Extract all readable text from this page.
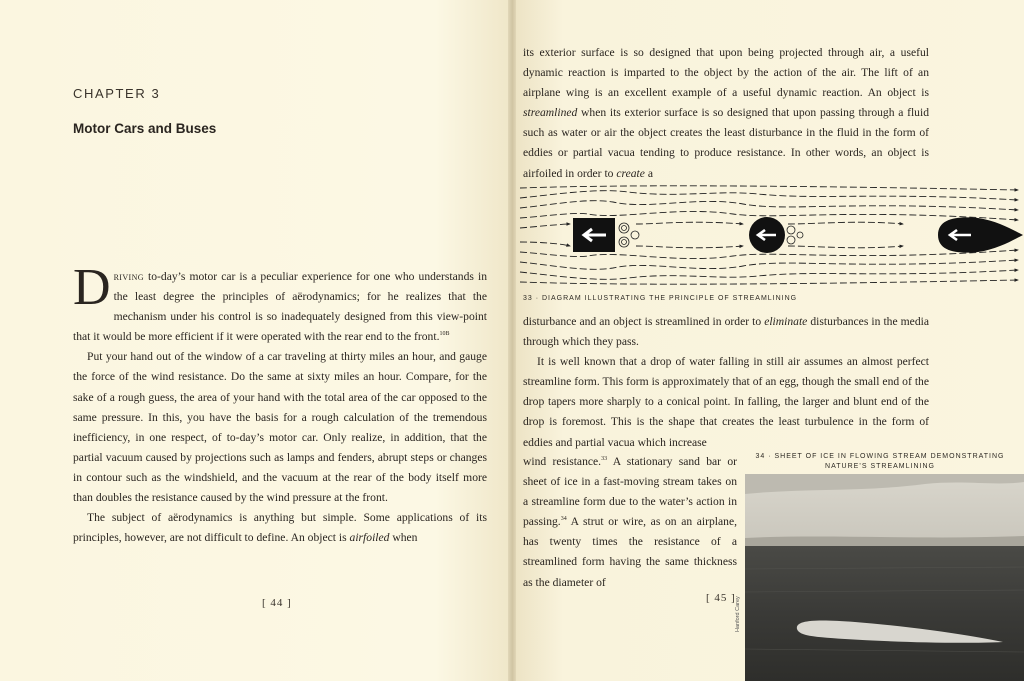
CHAPTER 3
Motor Cars and Buses

Driving to-day’s motor car is a peculiar experience for one who understands in the least degree the principles of aërodynamics; for he realizes that the mechanism under his control is so inadequately designed from this view-point that it would be more efficient if it were operated with the rear end to the front.$^{10B}$

Put your hand out of the window of a car traveling at thirty miles an hour, and gauge the force of the wind resistance. Do the same at sixty miles an hour. Compare, for the sake of a rough guess, the area of your hand with the total area of the car opposed to the same pressure. In this, you have the basis for a rough calculation of the tremendous inefficiency, in one respect, of to-day’s motor car. Only realize, in addition, that the partial vacuum caused by projections such as lamps and fenders, abrupt steps or changes in contour such as the windshield, and the vacuum at the rear of the body itself more than doubles the resistance caused by the wind pressure at the front.

The subject of aërodynamics is anything but simple. Some applications of its principles, however, are not difficult to define. An object is airfoiled when

[ 44 ]

its exterior surface is so designed that upon being projected through air, a useful dynamic reaction is imparted to the object by the action of the air. The lift of an airplane wing is an excellent example of a useful dynamic reaction. An object is streamlined when its exterior surface is so designed that upon passing through a fluid such as water or air the object creates the least disturbance in the fluid in the form of eddies or partial vacua tending to produce resistance. In other words, an object is airfoiled in order to create a

33 · DIAGRAM ILLUSTRATING THE PRINCIPLE OF STREAMLINING

disturbance and an object is streamlined in order to eliminate disturbances in the media through which they pass.

It is well known that a drop of water falling in still air assumes an almost perfect streamline form. This form is approximately that of an egg, though the small end of the drop tapers more sharply to a conical point. In falling, the larger and blunt end of the drop is foremost. This is the shape that creates the least turbulence in the form of eddies and partial vacua which increase

wind resistance.$^{33}$ A stationary sand bar or sheet of ice in a fast-moving stream takes on a streamline form due to the water’s action in passing.$^{34}$ A strut or wire, as on an airplane, has twenty times the resistance of a streamlined form having the same thickness as the diameter of

34 · SHEET OF ICE IN FLOWING STREAM DEMONSTRATING
NATURE’S STREAMLINING
Hanford Carey
[ 45 ]
